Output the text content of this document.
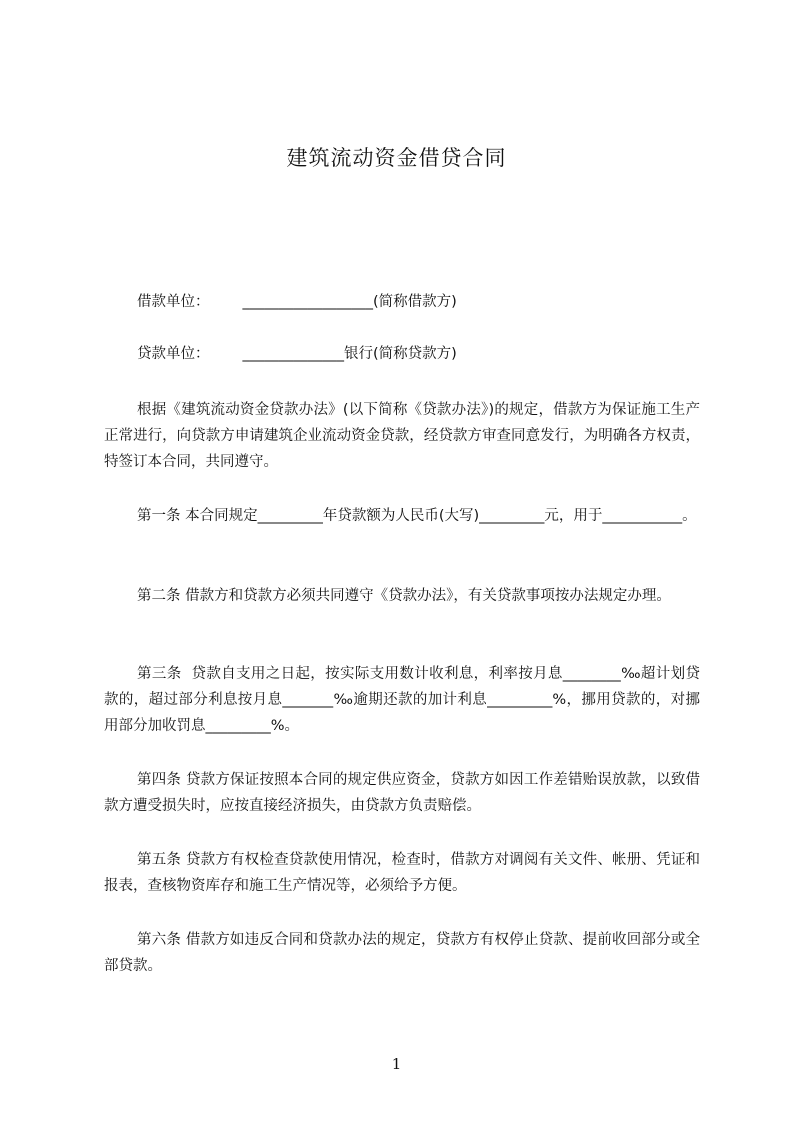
建筑流动资金借贷合同
借款单位： __________________(简称借款方)
贷款单位： ______________银行(简称贷款方)
根据《建筑流动资金贷款办法》(以下简称《贷款办法》)的规定，借款方为保证施工生产正常进行，向贷款方申请建筑企业流动资金贷款，经贷款方审查同意发行，为明确各方权责，特签订本合同，共同遵守。
第一条 本合同规定_________年贷款额为人民币(大写)_________元，用于___________。
第二条 借款方和贷款方必须共同遵守《贷款办法》，有关贷款事项按办法规定办理。
第三条 贷款自支用之日起，按实际支用数计收利息，利率按月息________‰超计划贷款的，超过部分利息按月息_______‰逾期还款的加计利息_________%，挪用贷款的，对挪用部分加收罚息_________%。
第四条 贷款方保证按照本合同的规定供应资金，贷款方如因工作差错贻误放款，以致借款方遭受损失时，应按直接经济损失，由贷款方负责赔偿。
第五条 贷款方有权检查贷款使用情况，检查时，借款方对调阅有关文件、帐册、凭证和报表，查核物资库存和施工生产情况等，必须给予方便。
第六条 借款方如违反合同和贷款办法的规定，贷款方有权停止贷款、提前收回部分或全部贷款。
1
